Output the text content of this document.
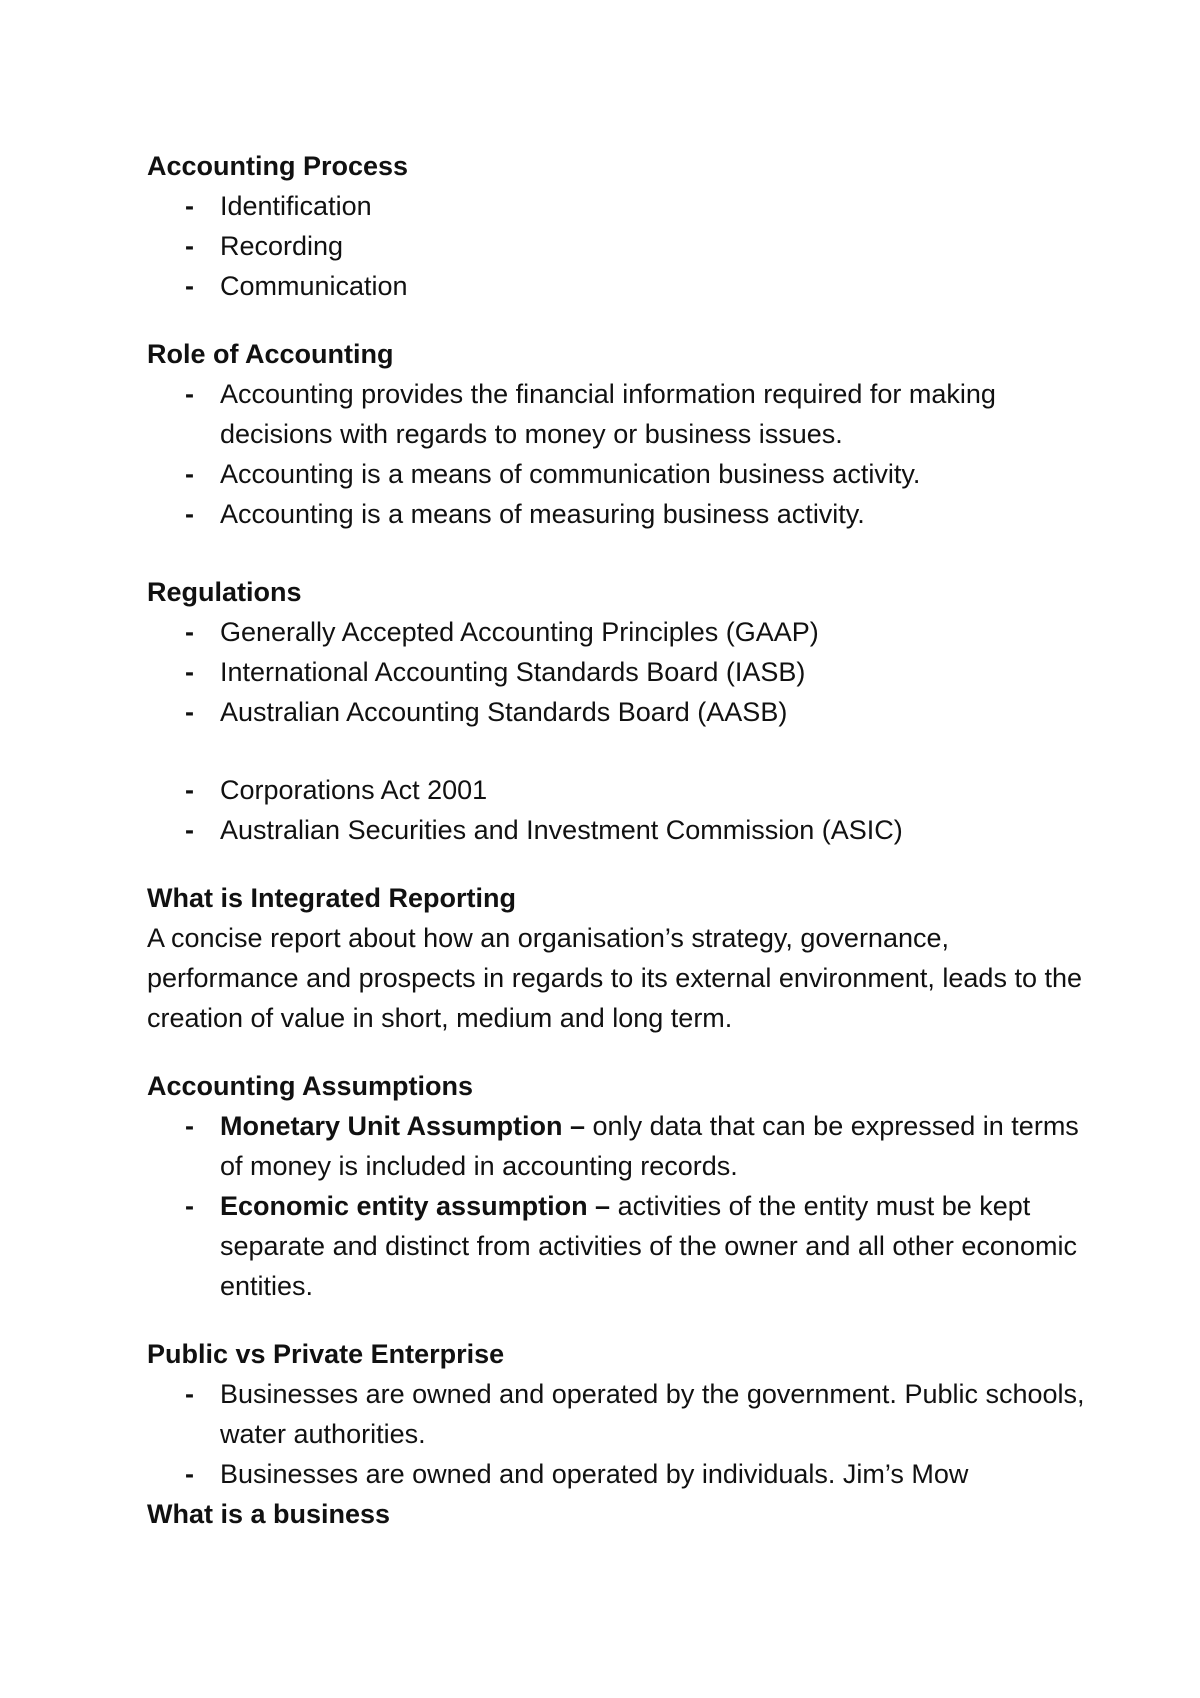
Accounting Process
- Identification
- Recording
- Communication
Role of Accounting
- Accounting provides the financial information required for making decisions with regards to money or business issues.
- Accounting is a means of communication business activity.
- Accounting is a means of measuring business activity.
Regulations
- Generally Accepted Accounting Principles (GAAP)
- International Accounting Standards Board (IASB)
- Australian Accounting Standards Board (AASB)
- Corporations Act 2001
- Australian Securities and Investment Commission (ASIC)
What is Integrated Reporting

A concise report about how an organisation’s strategy, governance, performance and prospects in regards to its external environment, leads to the creation of value in short, medium and long term.

Accounting Assumptions
- Monetary Unit Assumption – only data that can be expressed in terms of money is included in accounting records.
- Economic entity assumption – activities of the entity must be kept separate and distinct from activities of the owner and all other economic entities.
Public vs Private Enterprise
- Businesses are owned and operated by the government. Public schools, water authorities.
- Businesses are owned and operated by individuals. Jim’s Mow
What is a business
